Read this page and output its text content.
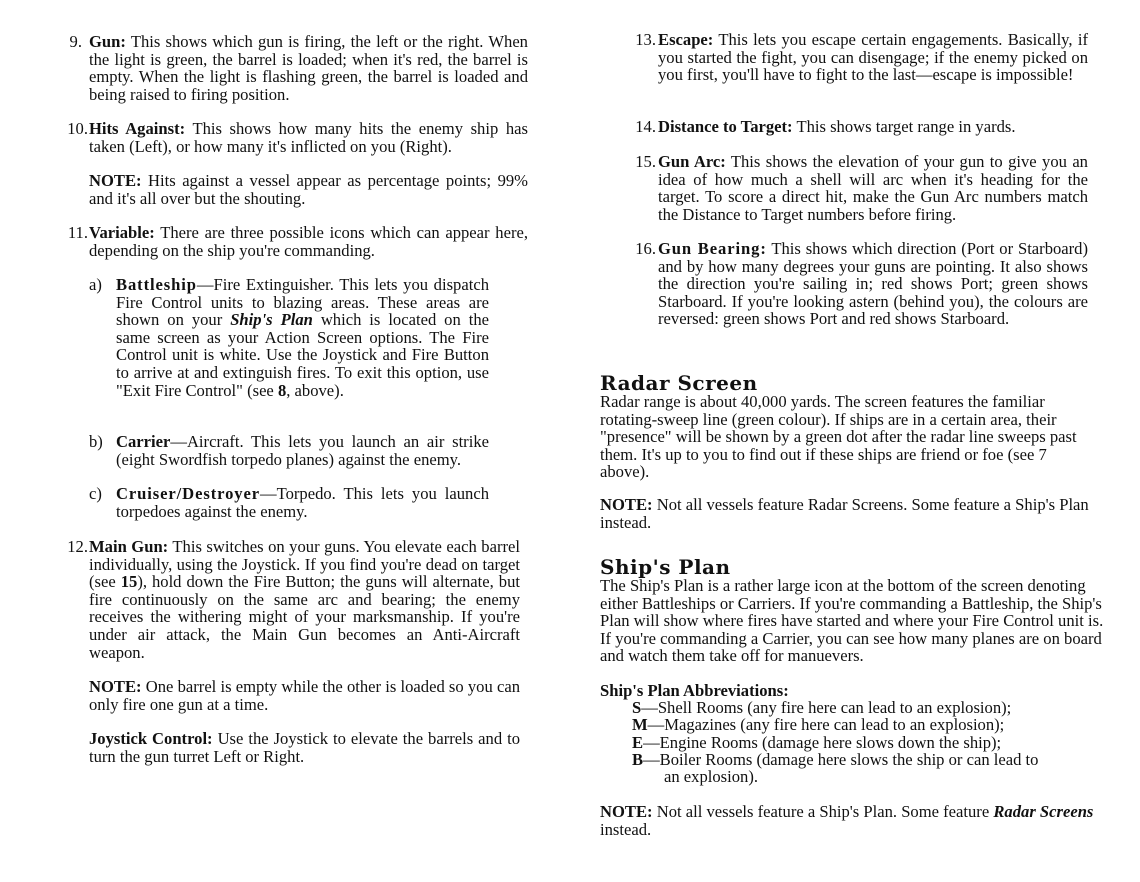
9. Gun: This shows which gun is firing, the left or the right. When the light is green, the barrel is loaded; when it's red, the barrel is empty. When the light is flashing green, the barrel is loaded and being raised to firing position.
10. Hits Against: This shows how many hits the enemy ship has taken (Left), or how many it's inflicted on you (Right).
NOTE: Hits against a vessel appear as percentage points; 99% and it's all over but the shouting.
11. Variable: There are three possible icons which can appear here, depending on the ship you're commanding.
a) Battleship—Fire Extinguisher. This lets you dispatch Fire Control units to blazing areas. These areas are shown on your Ship's Plan which is located on the same screen as your Action Screen options. The Fire Control unit is white. Use the Joystick and Fire Button to arrive at and extinguish fires. To exit this option, use "Exit Fire Control" (see 8, above).
b) Carrier—Aircraft. This lets you launch an air strike (eight Swordfish torpedo planes) against the enemy.
c) Cruiser/Destroyer—Torpedo. This lets you launch torpedoes against the enemy.
12. Main Gun: This switches on your guns. You elevate each barrel individually, using the Joystick. If you find you're dead on target (see 15), hold down the Fire Button; the guns will alternate, but fire continuously on the same arc and bearing; the enemy receives the withering might of your marksmanship. If you're under air attack, the Main Gun becomes an Anti-Aircraft weapon.
NOTE: One barrel is empty while the other is loaded so you can only fire one gun at a time.
Joystick Control: Use the Joystick to elevate the barrels and to turn the gun turret Left or Right.
13. Escape: This lets you escape certain engagements. Basically, if you started the fight, you can disengage; if the enemy picked on you first, you'll have to fight to the last—escape is impossible!
14. Distance to Target: This shows target range in yards.
15. Gun Arc: This shows the elevation of your gun to give you an idea of how much a shell will arc when it's heading for the target. To score a direct hit, make the Gun Arc numbers match the Distance to Target numbers before firing.
16. Gun Bearing: This shows which direction (Port or Starboard) and by how many degrees your guns are pointing. It also shows the direction you're sailing in; red shows Port; green shows Starboard. If you're looking astern (behind you), the colours are reversed: green shows Port and red shows Starboard.
Radar Screen
Radar range is about 40,000 yards. The screen features the familiar rotating-sweep line (green colour). If ships are in a certain area, their "presence" will be shown by a green dot after the radar line sweeps past them. It's up to you to find out if these ships are friend or foe (see 7 above).
NOTE: Not all vessels feature Radar Screens. Some feature a Ship's Plan instead.
Ship's Plan
The Ship's Plan is a rather large icon at the bottom of the screen denoting either Battleships or Carriers. If you're commanding a Battleship, the Ship's Plan will show where fires have started and where your Fire Control unit is. If you're commanding a Carrier, you can see how many planes are on board and watch them take off for manuevers.
Ship's Plan Abbreviations:
S—Shell Rooms (any fire here can lead to an explosion);
M—Magazines (any fire here can lead to an explosion);
E—Engine Rooms (damage here slows down the ship);
B—Boiler Rooms (damage here slows the ship or can lead to
an explosion).
NOTE: Not all vessels feature a Ship's Plan. Some feature Radar Screens instead.
